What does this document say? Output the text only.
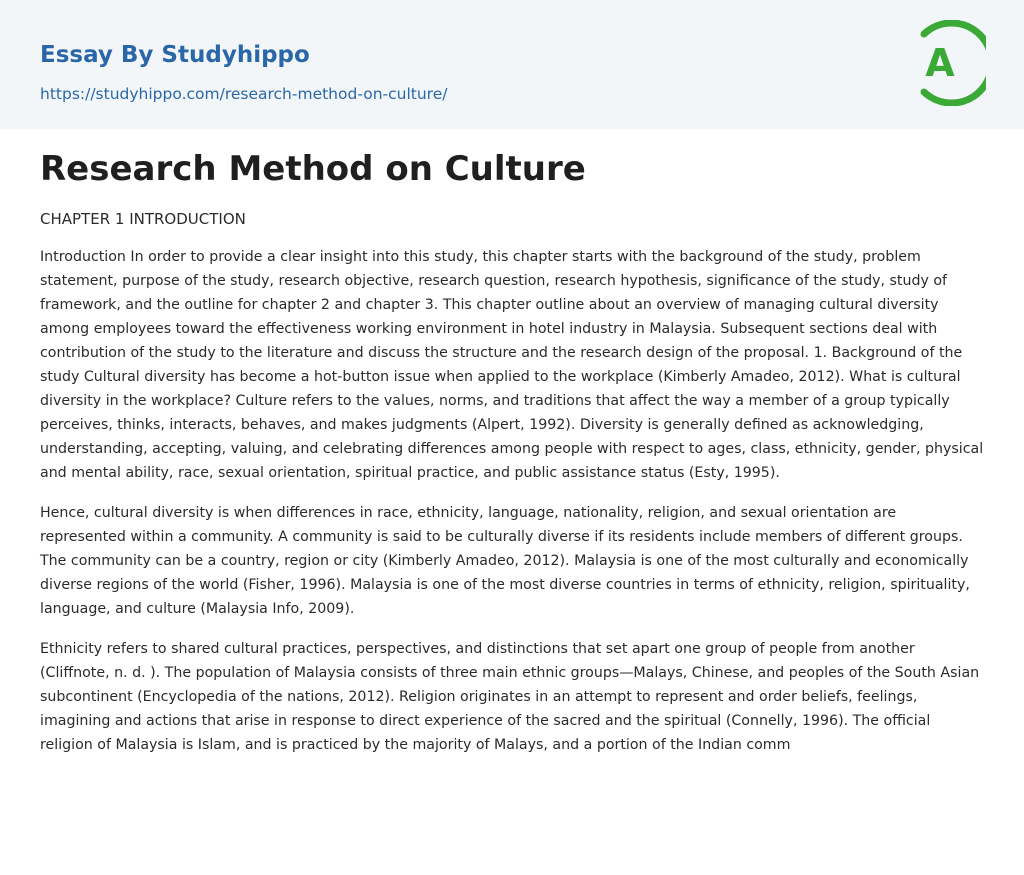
Essay By Studyhippo
https://studyhippo.com/research-method-on-culture/
A
Research Method on Culture
CHAPTER 1 INTRODUCTION

Introduction In order to provide a clear insight into this study, this chapter starts with the background of the study, problem statement, purpose of the study, research objective, research question, research hypothesis, significance of the study, study of framework, and the outline for chapter 2 and chapter 3. This chapter outline about an overview of managing cultural diversity among employees toward the effectiveness working environment in hotel industry in Malaysia. Subsequent sections deal with contribution of the study to the literature and discuss the structure and the research design of the proposal. 1. Background of the study Cultural diversity has become a hot-button issue when applied to the workplace (Kimberly Amadeo, 2012). What is cultural diversity in the workplace? Culture refers to the values, norms, and traditions that affect the way a member of a group typically perceives, thinks, interacts, behaves, and makes judgments (Alpert, 1992). Diversity is generally defined as acknowledging, understanding, accepting, valuing, and celebrating differences among people with respect to ages, class, ethnicity, gender, physical and mental ability, race, sexual orientation, spiritual practice, and public assistance status (Esty, 1995).

Hence, cultural diversity is when differences in race, ethnicity, language, nationality, religion, and sexual orientation are represented within a community. A community is said to be culturally diverse if its residents include members of different groups. The community can be a country, region or city (Kimberly Amadeo, 2012). Malaysia is one of the most culturally and economically diverse regions of the world (Fisher, 1996). Malaysia is one of the most diverse countries in terms of ethnicity, religion, spirituality, language, and culture (Malaysia Info, 2009).

Ethnicity refers to shared cultural practices, perspectives, and distinctions that set apart one group of people from another (Cliffnote, n. d. ). The population of Malaysia consists of three main ethnic groups—Malays, Chinese, and peoples of the South Asian subcontinent (Encyclopedia of the nations, 2012). Religion originates in an attempt to represent and order beliefs, feelings, imagining and actions that arise in response to direct experience of the sacred and the spiritual (Connelly, 1996). The official religion of Malaysia is Islam, and is practiced by the majority of Malays, and a portion of the Indian comm
